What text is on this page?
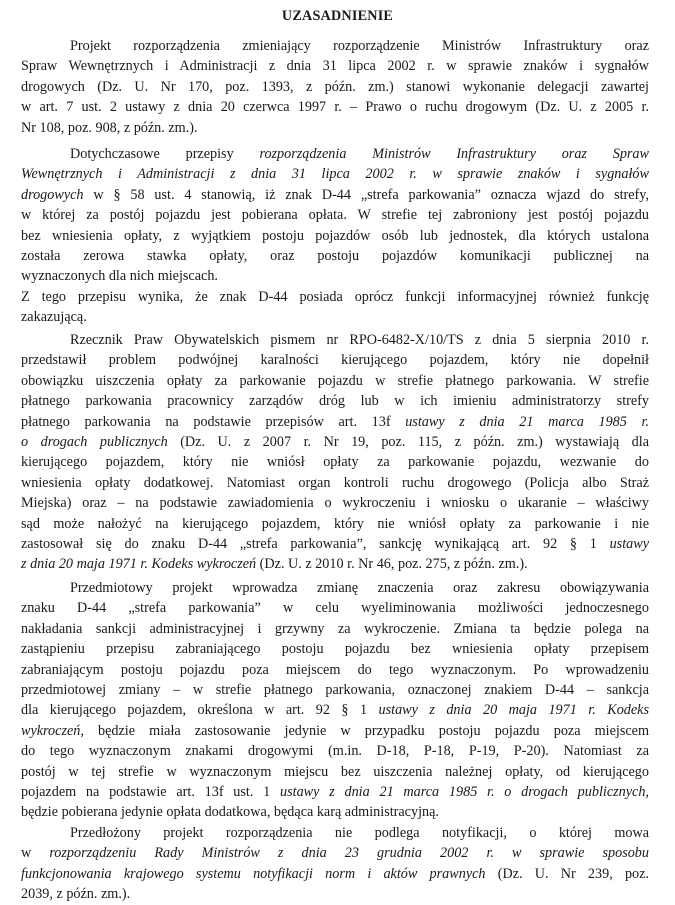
UZASADNIENIE
Projekt rozporządzenia zmieniający rozporządzenie Ministrów Infrastruktury oraz
Spraw Wewnętrznych i Administracji z dnia 31 lipca 2002 r. w sprawie znaków i sygnałów
drogowych (Dz. U. Nr 170, poz. 1393, z późn. zm.) stanowi wykonanie delegacji zawartej
w art. 7 ust. 2 ustawy z dnia 20 czerwca 1997 r. – Prawo o ruchu drogowym (Dz. U. z 2005 r.
Nr 108, poz. 908, z późn. zm.).
Dotychczasowe przepisy rozporządzenia Ministrów Infrastruktury oraz Spraw
Wewnętrznych i Administracji z dnia 31 lipca 2002 r. w sprawie znaków i sygnałów
drogowych w § 58 ust. 4 stanowią, iż znak D-44 „strefa parkowania” oznacza wjazd do strefy,
w której za postój pojazdu jest pobierana opłata. W strefie tej zabroniony jest postój pojazdu
bez wniesienia opłaty, z wyjątkiem postoju pojazdów osób lub jednostek, dla których ustalona
została zerowa stawka opłaty, oraz postoju pojazdów komunikacji publicznej na
wyznaczonych dla nich miejscach.
Z tego przepisu wynika, że znak D-44 posiada oprócz funkcji informacyjnej również funkcję
zakazującą.
Rzecznik Praw Obywatelskich pismem nr RPO-6482-X/10/TS z dnia 5 sierpnia 2010 r.
przedstawił problem podwójnej karalności kierującego pojazdem, który nie dopełnił
obowiązku uiszczenia opłaty za parkowanie pojazdu w strefie płatnego parkowania. W strefie
płatnego parkowania pracownicy zarządów dróg lub w ich imieniu administratorzy strefy
płatnego parkowania na podstawie przepisów art. 13f ustawy z dnia 21 marca 1985 r.
o drogach publicznych (Dz. U. z 2007 r. Nr 19, poz. 115, z późn. zm.) wystawiają dla
kierującego pojazdem, który nie wniósł opłaty za parkowanie pojazdu, wezwanie do
wniesienia opłaty dodatkowej. Natomiast organ kontroli ruchu drogowego (Policja albo Straż
Miejska) oraz – na podstawie zawiadomienia o wykroczeniu i wniosku o ukaranie – właściwy
sąd może nałożyć na kierującego pojazdem, który nie wniósł opłaty za parkowanie i nie
zastosował się do znaku D-44 „strefa parkowania”, sankcję wynikającą art. 92 § 1 ustawy
z dnia 20 maja 1971 r. Kodeks wykroczeń (Dz. U. z 2010 r. Nr 46, poz. 275, z późn. zm.).
Przedmiotowy projekt wprowadza zmianę znaczenia oraz zakresu obowiązywania
znaku D-44 „strefa parkowania” w celu wyeliminowania możliwości jednoczesnego
nakładania sankcji administracyjnej i grzywny za wykroczenie. Zmiana ta będzie polega na
zastąpieniu przepisu zabraniającego postoju pojazdu bez wniesienia opłaty przepisem
zabraniającym postoju pojazdu poza miejscem do tego wyznaczonym. Po wprowadzeniu
przedmiotowej zmiany – w strefie płatnego parkowania, oznaczonej znakiem D-44 – sankcja
dla kierującego pojazdem, określona w art. 92 § 1 ustawy z dnia 20 maja 1971 r. Kodeks
wykroczeń, będzie miała zastosowanie jedynie w przypadku postoju pojazdu poza miejscem
do tego wyznaczonym znakami drogowymi (m.in. D-18, P-18, P-19, P-20). Natomiast za
postój w tej strefie w wyznaczonym miejscu bez uiszczenia należnej opłaty, od kierującego
pojazdem na podstawie art. 13f ust. 1 ustawy z dnia 21 marca 1985 r. o drogach publicznych,
będzie pobierana jedynie opłata dodatkowa, będąca karą administracyjną.
Przedłożony projekt rozporządzenia nie podlega notyfikacji, o której mowa
w rozporządzeniu Rady Ministrów z dnia 23 grudnia 2002 r. w sprawie sposobu
funkcjonowania krajowego systemu notyfikacji norm i aktów prawnych (Dz. U. Nr 239, poz.
2039, z późn. zm.).
